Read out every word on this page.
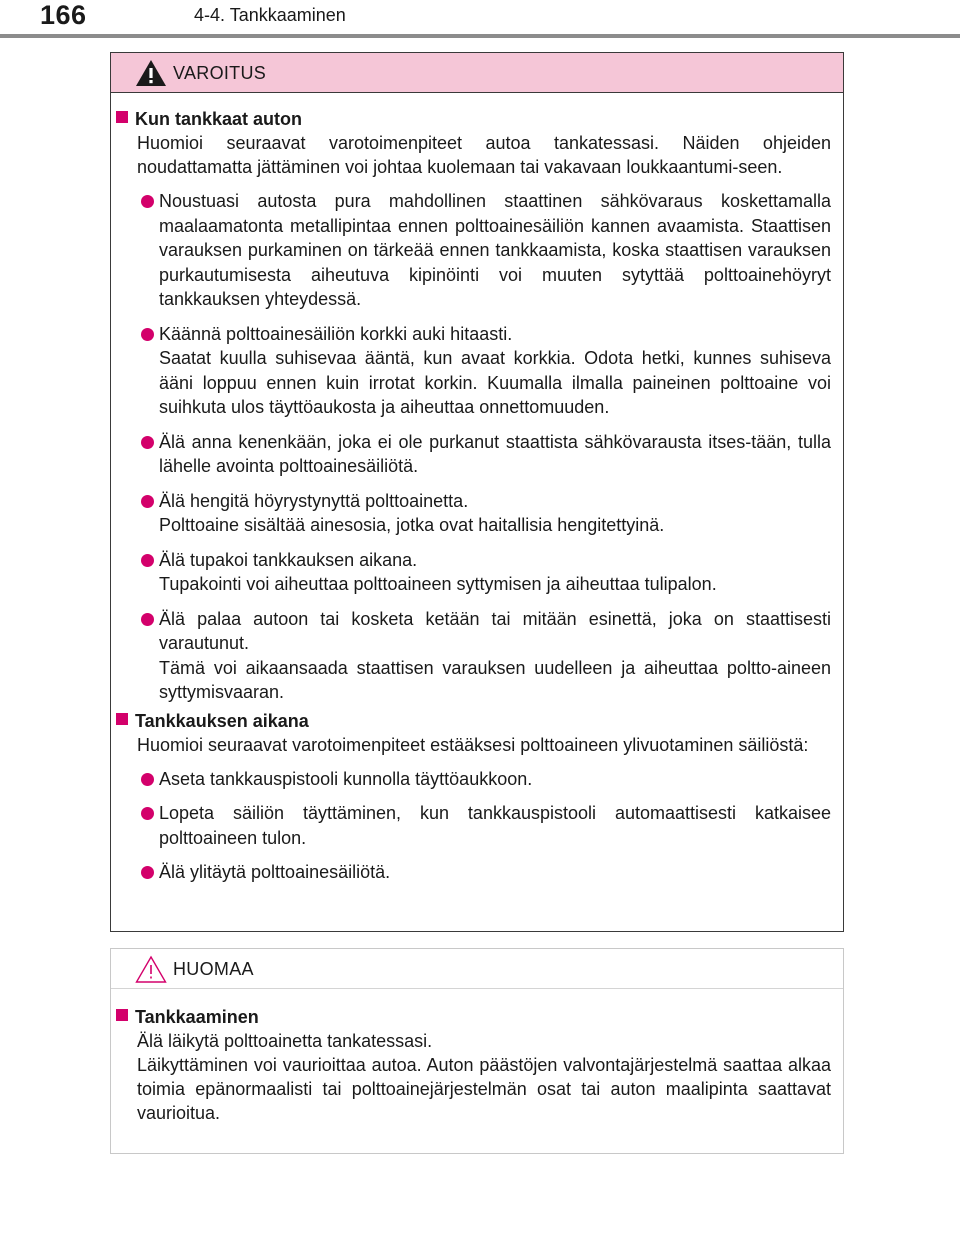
166	4-4. Tankkaaminen
VAROITUS
Kun tankkaat auton
Huomioi seuraavat varotoimenpiteet autoa tankatessasi. Näiden ohjeiden noudattamatta jättäminen voi johtaa kuolemaan tai vakavaan loukkaantumi-seen.
Noustuasi autosta pura mahdollinen staattinen sähkövaraus koskettamalla maalaamatonta metallipintaa ennen polttoainesäiliön kannen avaamista. Staattisen varauksen purkaminen on tärkeää ennen tankkaamista, koska staattisen varauksen purkautumisesta aiheutuva kipinöinti voi muuten sytyttää polttoainehöyryt tankkauksen yhteydessä.
Käännä polttoainesäiliön korkki auki hitaasti.
Saatat kuulla suhisevaa ääntä, kun avaat korkkia. Odota hetki, kunnes suhiseva ääni loppuu ennen kuin irrotat korkin. Kuumalla ilmalla paineinen polttoaine voi suihkuta ulos täyttöaukosta ja aiheuttaa onnettomuuden.
Älä anna kenenkään, joka ei ole purkanut staattista sähkövarausta itses-tään, tulla lähelle avointa polttoainesäiliötä.
Älä hengitä höyrystynyttä polttoainetta.
Polttoaine sisältää ainesosia, jotka ovat haitallisia hengitettyinä.
Älä tupakoi tankkauksen aikana.
Tupakointi voi aiheuttaa polttoaineen syttymisen ja aiheuttaa tulipalon.
Älä palaa autoon tai kosketa ketään tai mitään esinettä, joka on staattisesti varautunut.
Tämä voi aikaansaada staattisen varauksen uudelleen ja aiheuttaa poltto-aineen syttymisvaaran.
Tankkauksen aikana
Huomioi seuraavat varotoimenpiteet estääksesi polttoaineen ylivuotaminen säiliöstä:
Aseta tankkauspistooli kunnolla täyttöaukkoon.
Lopeta säiliön täyttäminen, kun tankkauspistooli automaattisesti katkaisee polttoaineen tulon.
Älä ylitäytä polttoainesäiliötä.
HUOMAA
Tankkaaminen
Älä läikytä polttoainetta tankatessasi.
Läikyttäminen voi vaurioittaa autoa. Auton päästöjen valvontajärjestelmä saattaa alkaa toimia epänormaalisti tai polttoainejärjestelmän osat tai auton maalipinta saattavat vaurioitua.
